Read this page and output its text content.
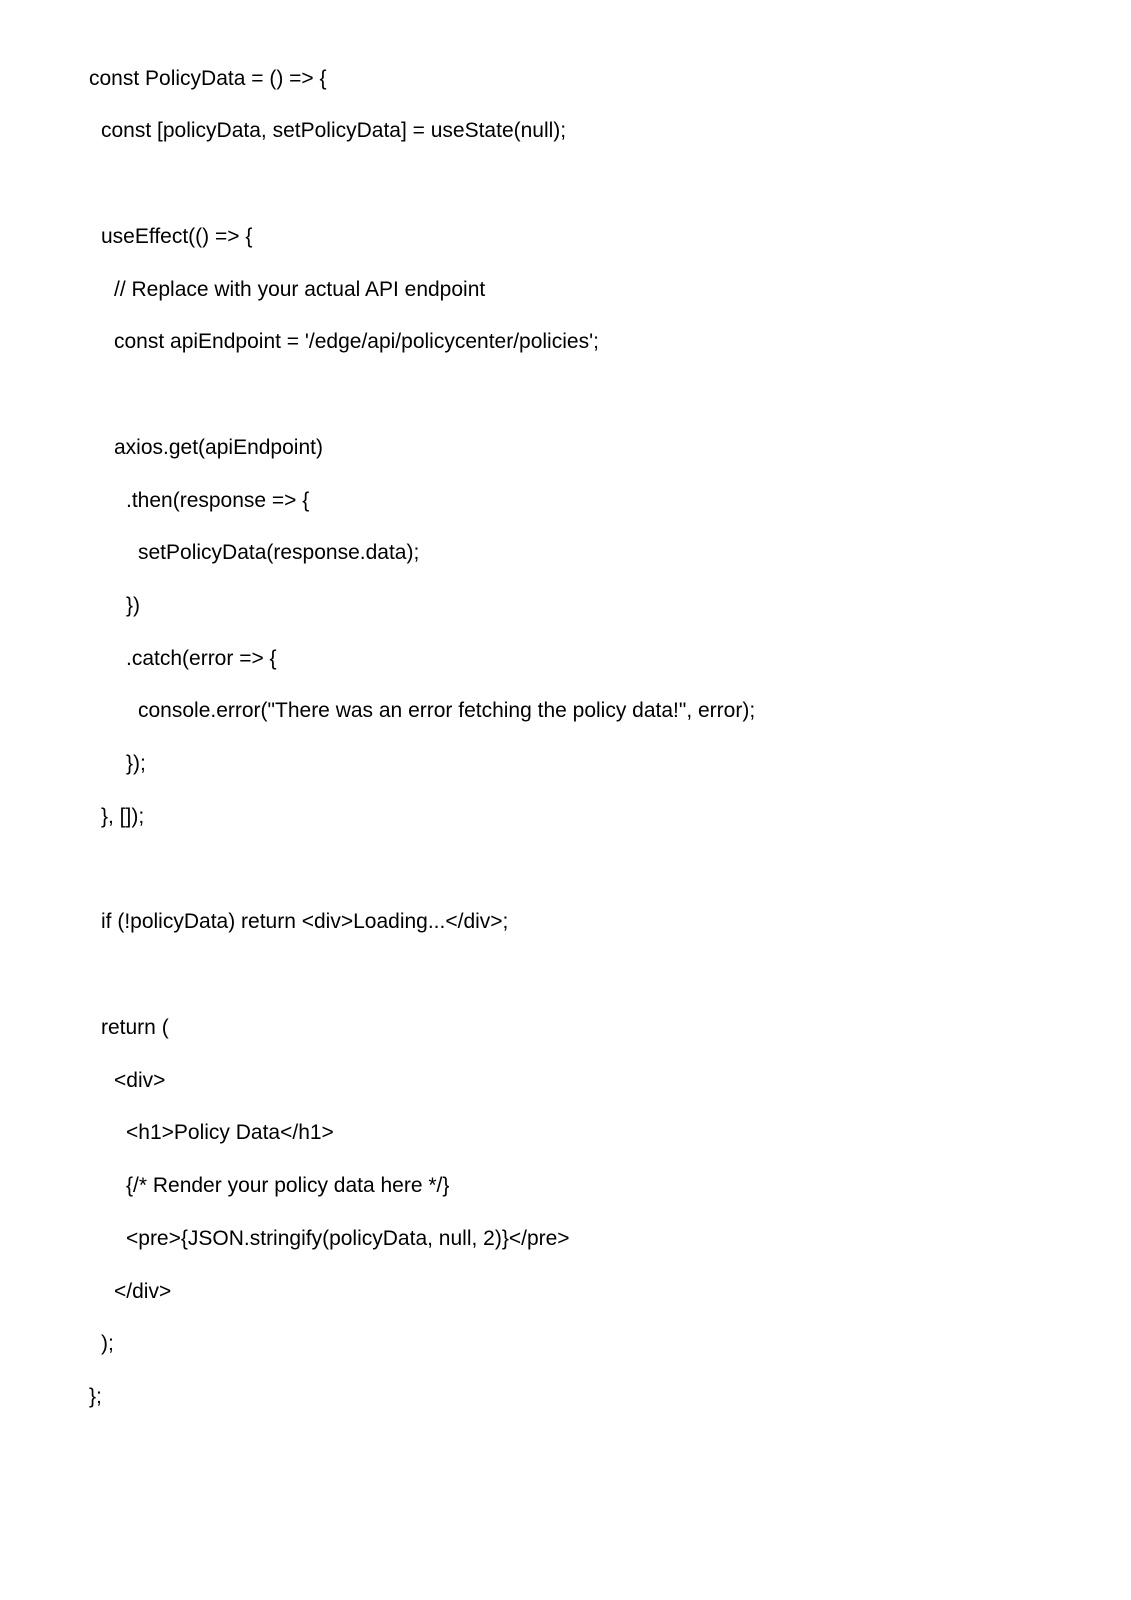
const PolicyData = () => {

const [policyData, setPolicyData] = useState(null);

useEffect(() => {

// Replace with your actual API endpoint

const apiEndpoint = '/edge/api/policycenter/policies';

axios.get(apiEndpoint)

.then(response => {

setPolicyData(response.data);

})

.catch(error => {

console.error("There was an error fetching the policy data!", error);

});

}, []);

if (!policyData) return <div>Loading...</div>;

return (

<div>

<h1>Policy Data</h1>

{/* Render your policy data here */}

<pre>{JSON.stringify(policyData, null, 2)}</pre>

</div>

);

};
